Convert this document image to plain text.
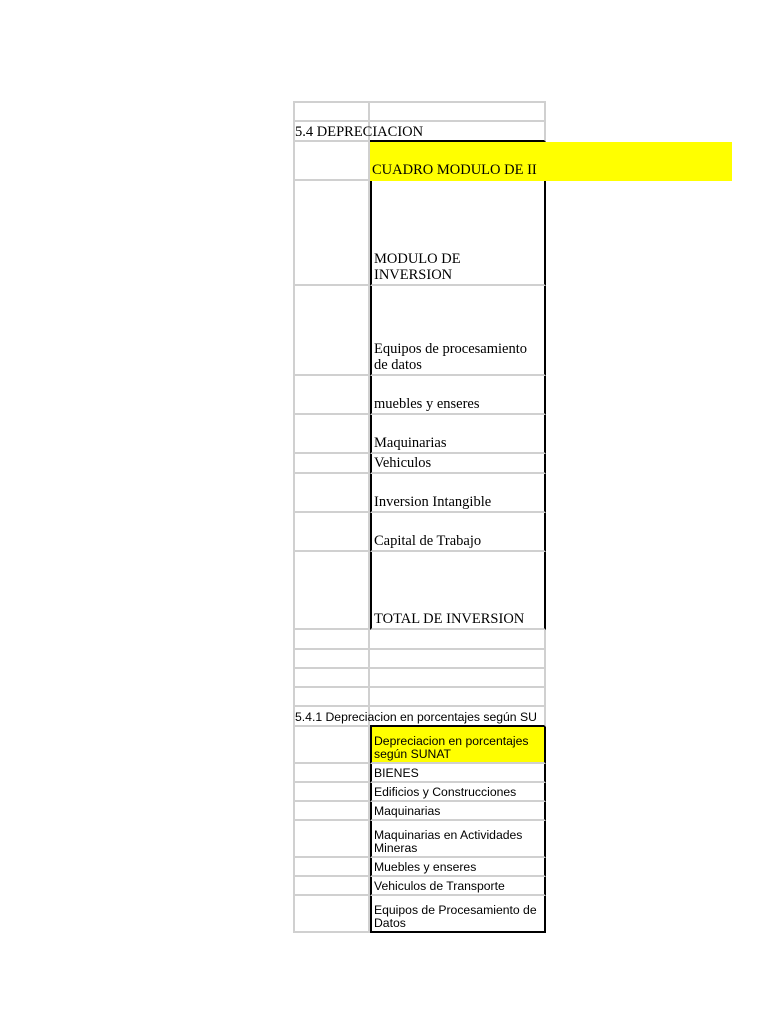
5.4 DEPRECIACION
CUADRO MODULO DE II
MODULO DE INVERSION
Equipos de procesamiento de datos
muebles y enseres
Maquinarias
Vehiculos
Inversion Intangible
Capital de Trabajo
TOTAL DE INVERSION
5.4.1 Depreciacion en porcentajes según SU
Depreciacion en porcentajes según SUNAT
BIENES
Edificios y Construcciones
Maquinarias
Maquinarias en Actividades Mineras
Muebles y enseres
Vehiculos de Transporte
Equipos de Procesamiento de Datos
